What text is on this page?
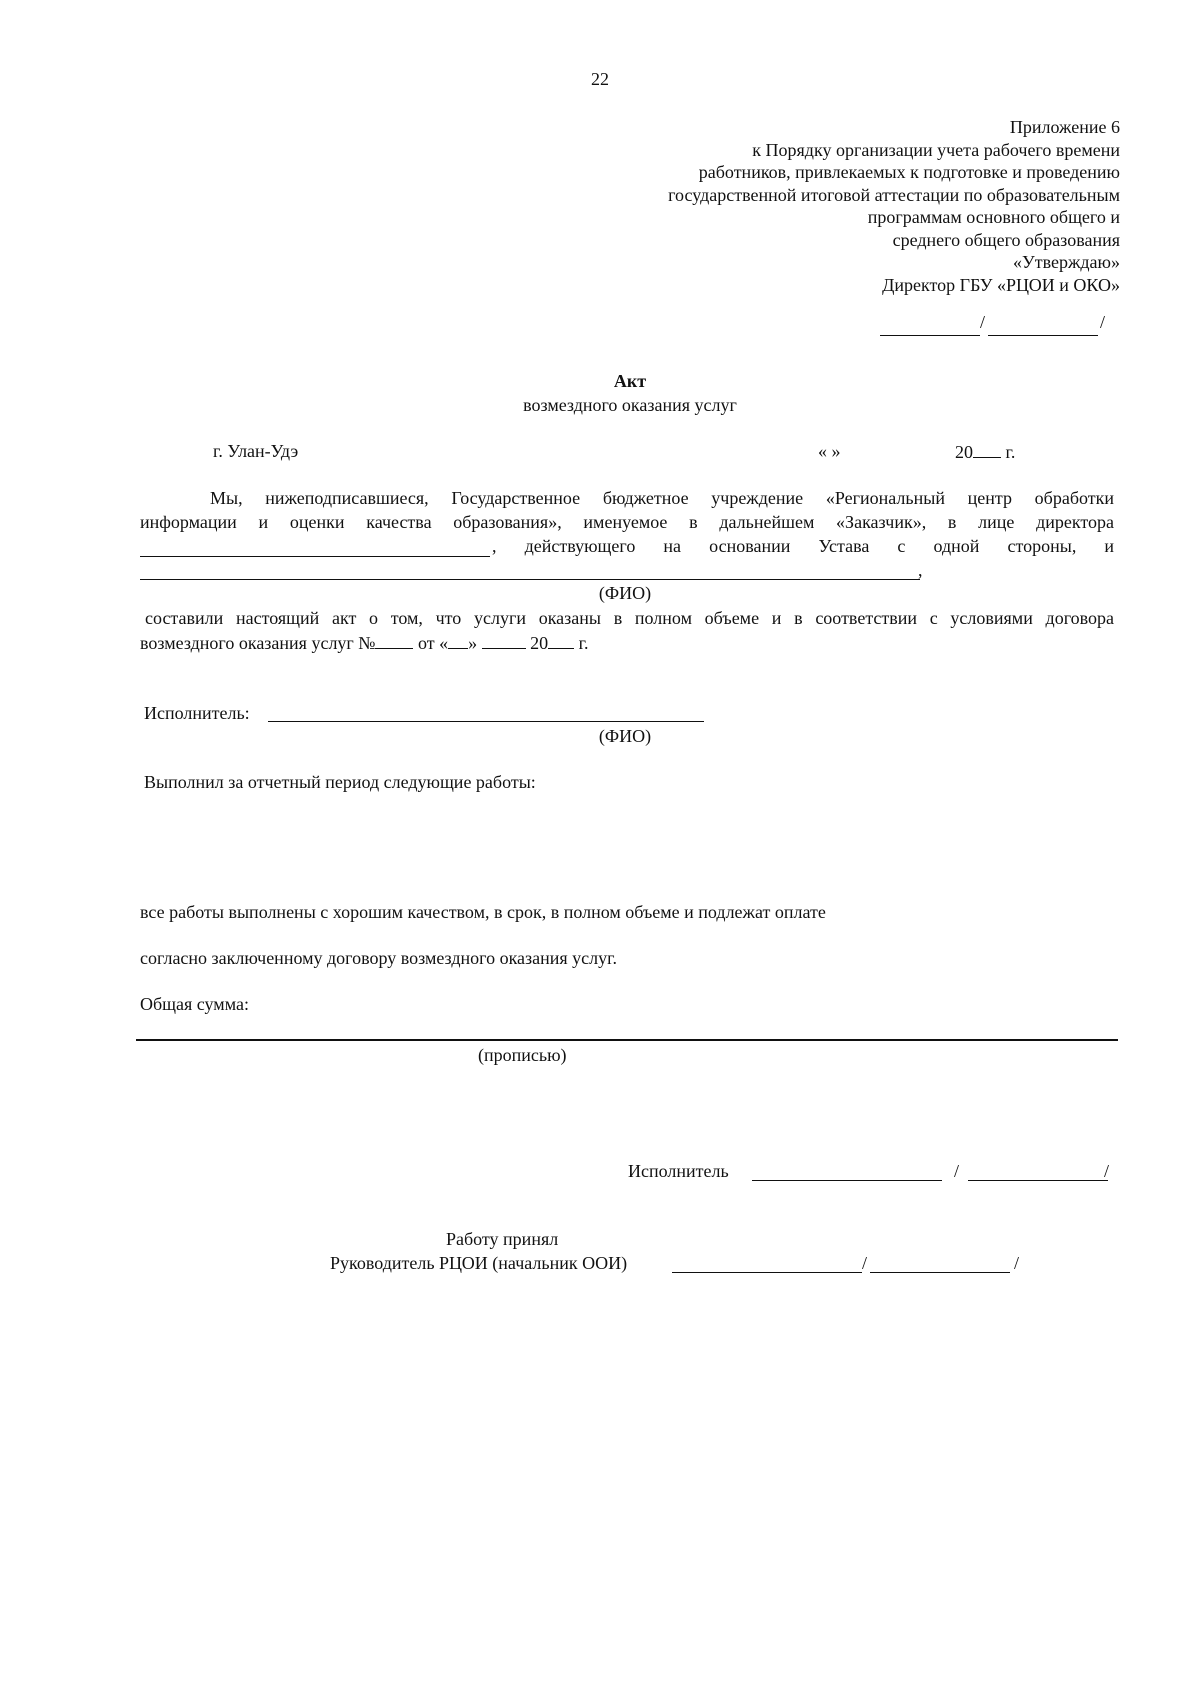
22
Приложение 6
к Порядку организации учета рабочего времени
работников, привлекаемых к подготовке и проведению
государственной итоговой аттестации по образовательным
программам основного общего и
среднего общего образования
«Утверждаю»
Директор ГБУ «РЦОИ и ОКО»
/	/
Акт
возмездного оказания услуг
г. Улан-Удэ	« »	20 г.
Мы, нижеподписавшиеся, Государственное бюджетное учреждение «Региональный центр обработки
информации и оценки качества образования», именуемое в дальнейшем «Заказчик», в лице директора
, действующего на основании Устава с одной стороны, и
,
(ФИО)
составили настоящий акт о том, что услуги оказаны в полном объеме и в соответствии с условиями договора
возмездного оказания услуг № от « »	20 г.
Исполнитель:
(ФИО)
Выполнил за отчетный период следующие работы:
все работы выполнены с хорошим качеством, в срок, в полном объеме и подлежат оплате
согласно заключенному договору возмездного оказания услуг.
Общая сумма:
(прописью)
Исполнитель	/	/
Работу принял
Руководитель РЦОИ (начальник ООИ)	/	/
